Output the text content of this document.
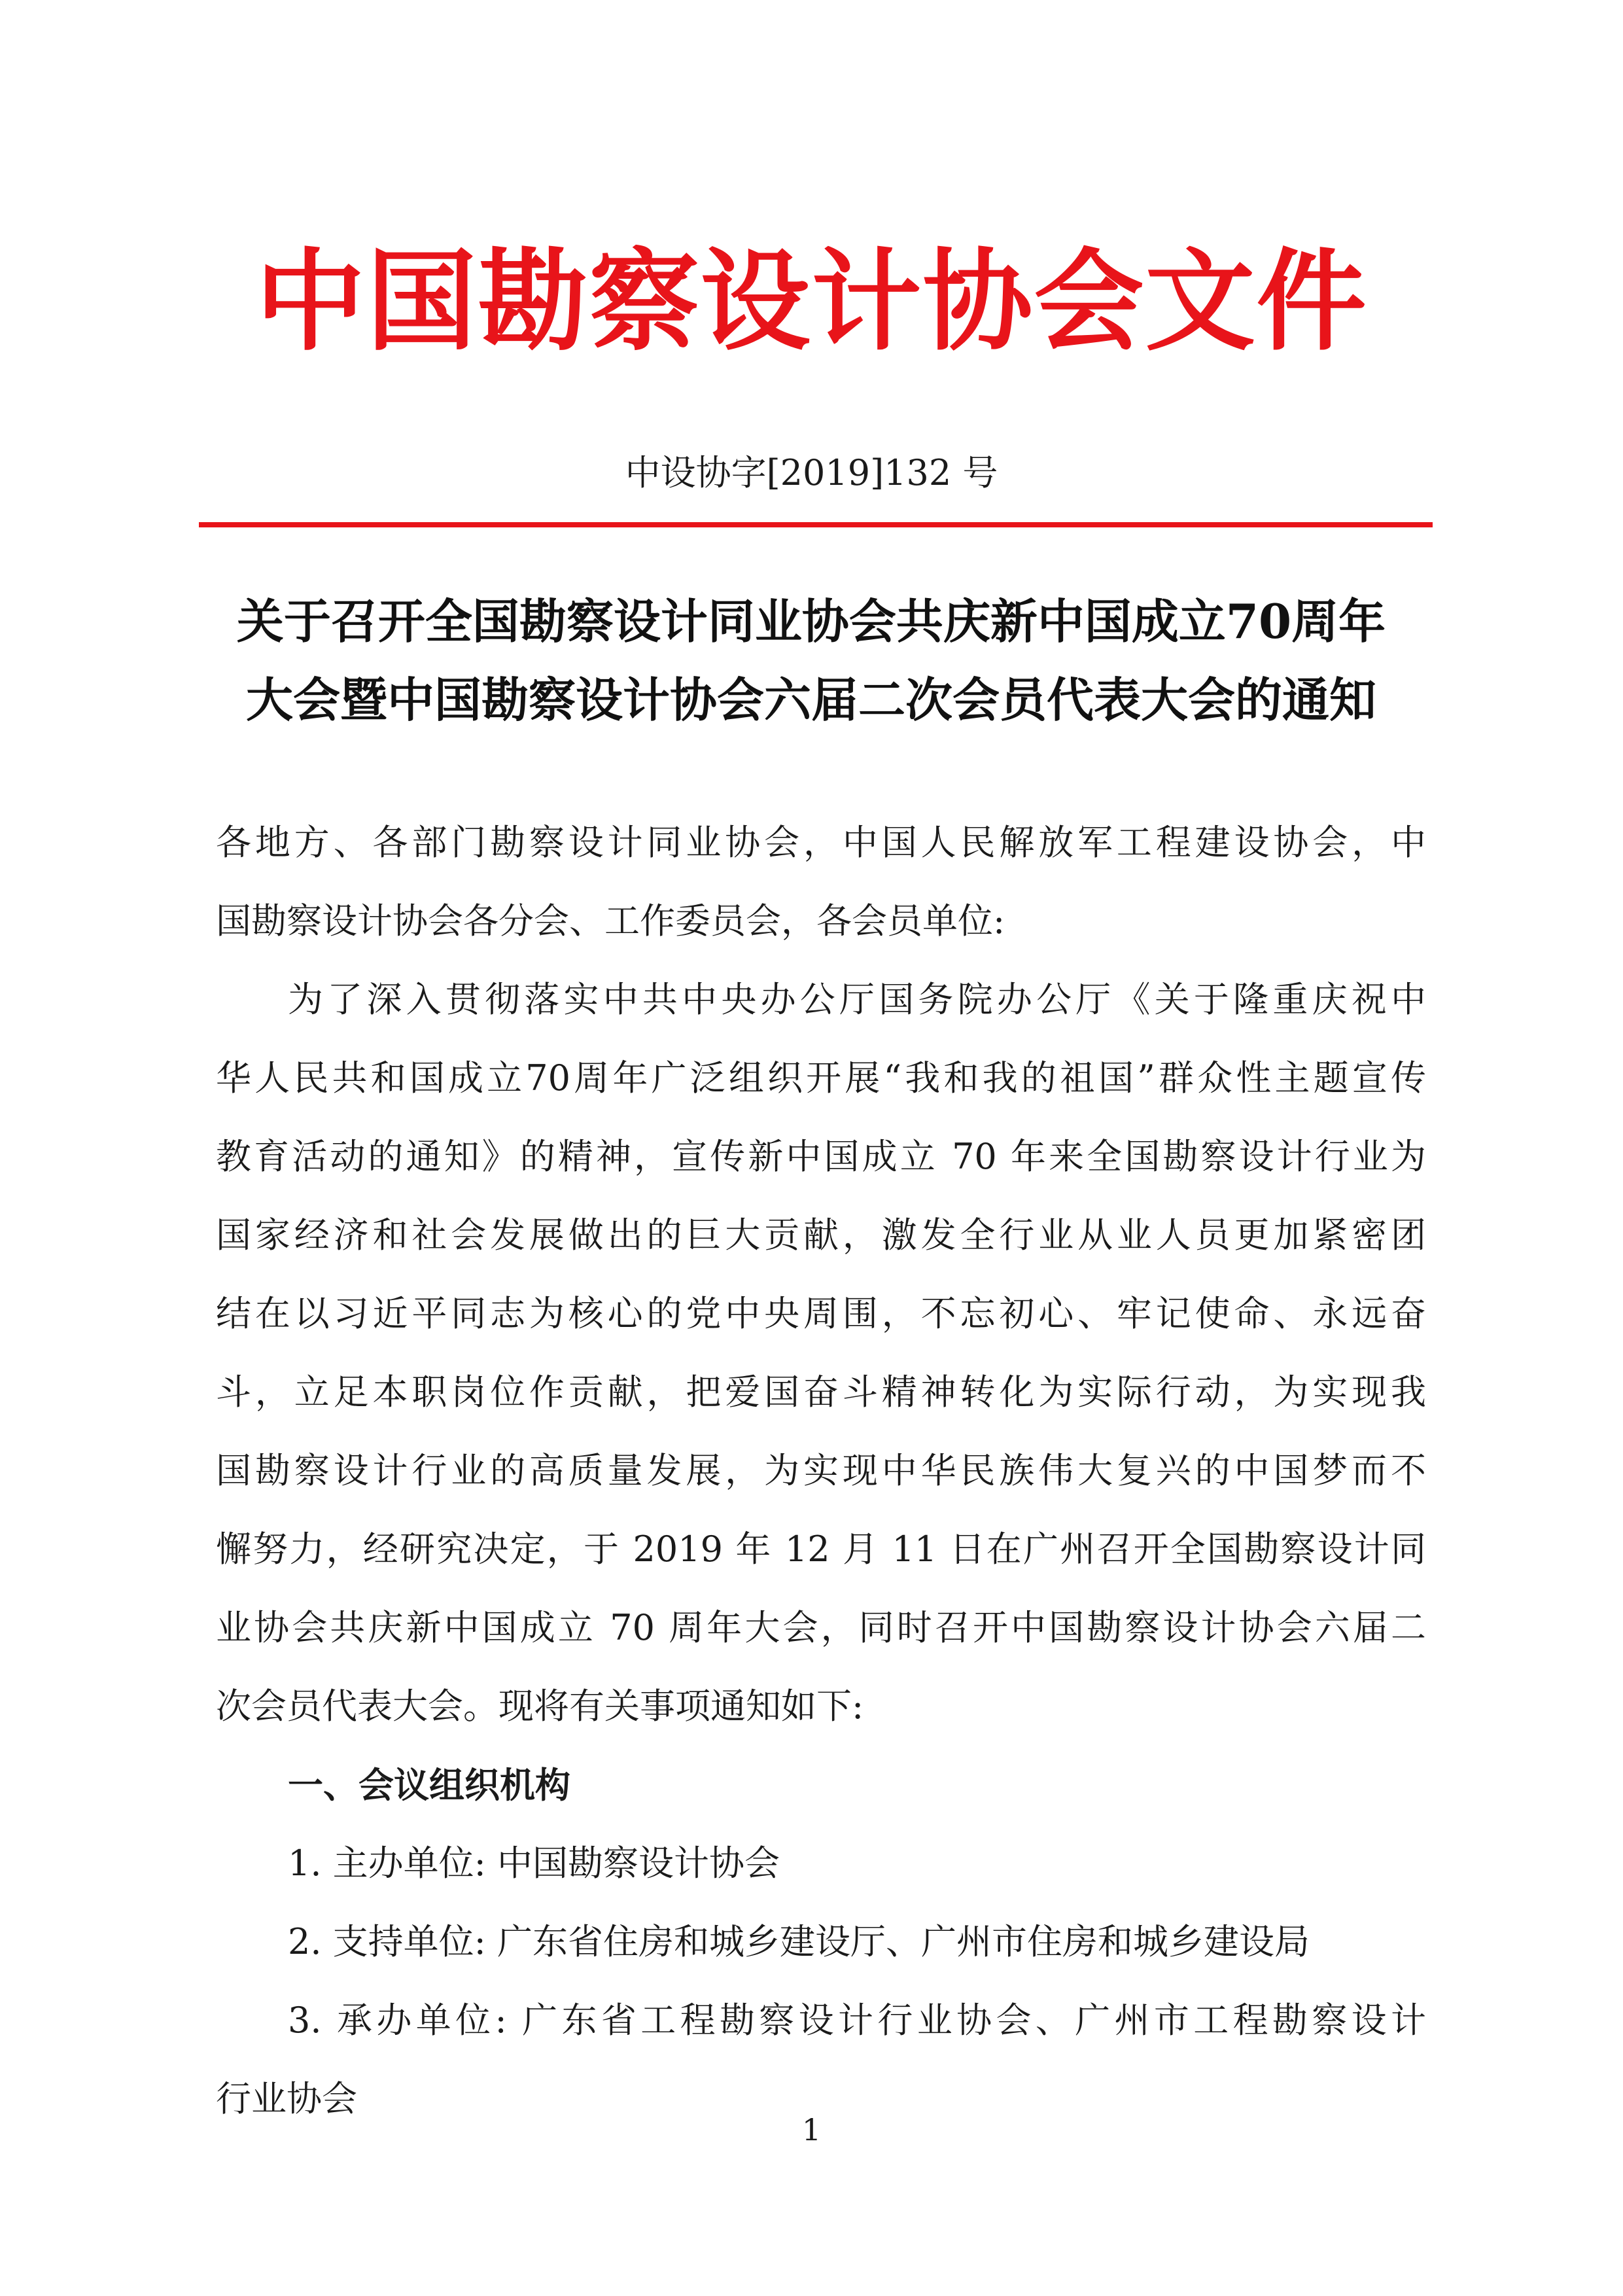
中国勘察设计协会文件
中设协字[2019]132 号
关于召开全国勘察设计同业协会共庆新中国成立70周年
大会暨中国勘察设计协会六届二次会员代表大会的通知
各地方、各部门勘察设计同业协会，中国人民解放军工程建设协会，中
国勘察设计协会各分会、工作委员会，各会员单位:
为了深入贯彻落实中共中央办公厅国务院办公厅《关于隆重庆祝中
华人民共和国成立70周年广泛组织开展“我和我的祖国”群众性主题宣传
教育活动的通知》的精神，宣传新中国成立 70 年来全国勘察设计行业为
国家经济和社会发展做出的巨大贡献，激发全行业从业人员更加紧密团
结在以习近平同志为核心的党中央周围，不忘初心、牢记使命、永远奋
斗，立足本职岗位作贡献，把爱国奋斗精神转化为实际行动，为实现我
国勘察设计行业的高质量发展，为实现中华民族伟大复兴的中国梦而不
懈努力，经研究决定，于 2019 年 12 月 11 日在广州召开全国勘察设计同
业协会共庆新中国成立 70 周年大会，同时召开中国勘察设计协会六届二
次会员代表大会。现将有关事项通知如下:
一、会议组织机构
1. 主办单位: 中国勘察设计协会
2. 支持单位: 广东省住房和城乡建设厅、广州市住房和城乡建设局
3. 承办单位: 广东省工程勘察设计行业协会、广州市工程勘察设计
行业协会
1
